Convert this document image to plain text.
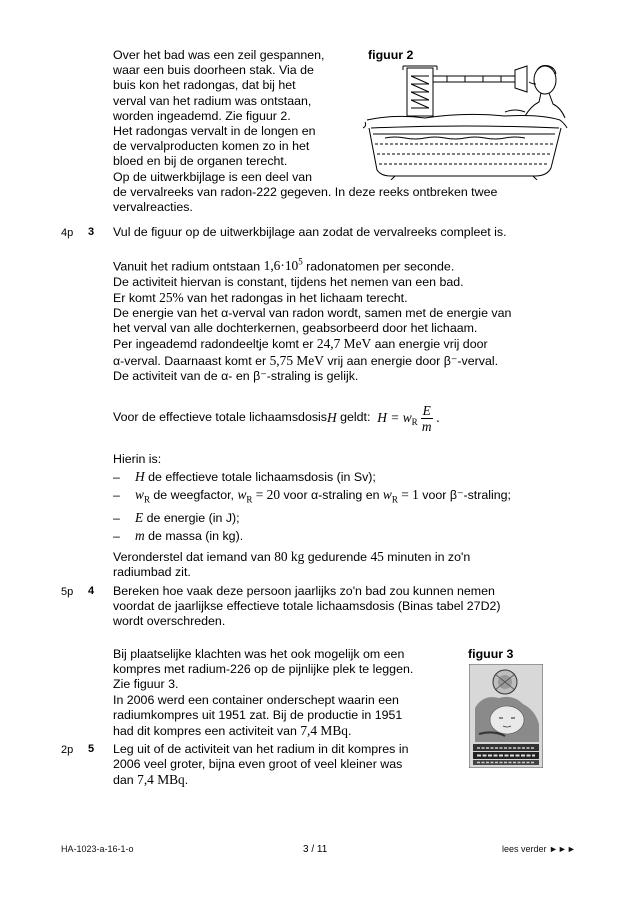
Over het bad was een zeil gespannen,
waar een buis doorheen stak. Via de
buis kon het radongas, dat bij het
verval van het radium was ontstaan,
worden ingeademd. Zie figuur 2.
Het radongas vervalt in de longen en
de vervalproducten komen zo in het
bloed en bij de organen terecht.
Op de uitwerkbijlage is een deel van
de vervalreeks van radon-222 gegeven. In deze reeks ontbreken twee
vervalreacties.
figuur 2
4p 3 Vul de figuur op de uitwerkbijlage aan zodat de vervalreeks compleet is.
Vanuit het radium ontstaan $1,6\cdot 10^5$ radonatomen per seconde.
De activiteit hiervan is constant, tijdens het nemen van een bad.
Er komt 25% van het radongas in het lichaam terecht.
De energie van het α-verval van radon wordt, samen met de energie van
het verval van alle dochterkernen, geabsorbeerd door het lichaam.
Per ingeademd radondeeltje komt er 24,7 MeV aan energie vrij door
α-verval. Daarnaast komt er 5,75 MeV vrij aan energie door β⁻-verval.
De activiteit van de α- en β⁻-straling is gelijk.
Voor de effectieve totale lichaamsdosis H geldt: $H = w_R \frac{E}{m}$ .
Hierin is:
– H de effectieve totale lichaamsdosis (in Sv);
– $w_R$ de weegfactor, $w_R = 20$ voor α-straling en $w_R = 1$ voor β⁻-straling;
– E de energie (in J);
– m de massa (in kg).
Veronderstel dat iemand van 80 kg gedurende 45 minuten in zo'n
radiumbad zit.
5p 4 Bereken hoe vaak deze persoon jaarlijks zo'n bad zou kunnen nemen
voordat de jaarlijkse effectieve totale lichaamsdosis (Binas tabel 27D2)
wordt overschreden.
Bij plaatselijke klachten was het ook mogelijk om een
kompres met radium-226 op de pijnlijke plek te leggen.
Zie figuur 3.
In 2006 werd een container onderschept waarin een
radiumkompres uit 1951 zat. Bij de productie in 1951
had dit kompres een activiteit van 7,4 MBq.
figuur 3
2p 5 Leg uit of de activiteit van het radium in dit kompres in
2006 veel groter, bijna even groot of veel kleiner was
dan 7,4 MBq.
HA-1023-a-16-1-o	3 / 11	lees verder ►►►
